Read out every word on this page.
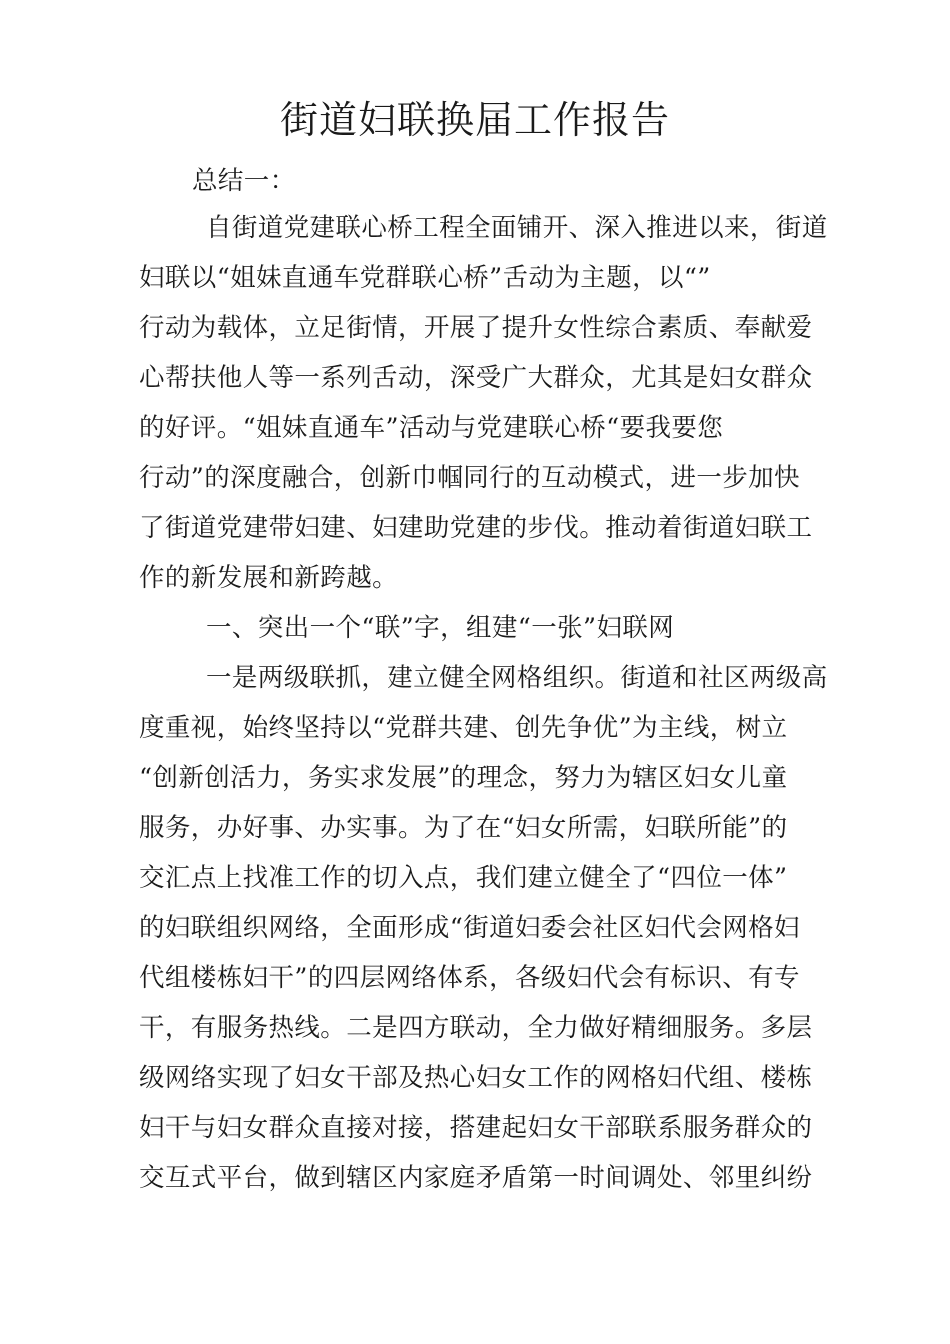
街道妇联换届工作报告
总结一：
自街道党建联心桥工程全面铺开、深入推进以来，街道
妇联以“姐妹直通车党群联心桥”舌动为主题，以“”
行动为载体，立足街情，开展了提升女性综合素质、奉献爱
心帮扶他人等一系列舌动，深受广大群众，尤其是妇女群众
的好评。“姐妹直通车”活动与党建联心桥“要我要您
行动”的深度融合，创新巾帼同行的互动模式，进一步加快
了街道党建带妇建、妇建助党建的步伐。推动着街道妇联工
作的新发展和新跨越。
一、突出一个“联”字，组建“一张”妇联网
一是两级联抓，建立健全网格组织。街道和社区两级高
度重视，始终坚持以“党群共建、创先争优”为主线，树立
“创新创活力，务实求发展”的理念，努力为辖区妇女儿童
服务，办好事、办实事。为了在“妇女所需，妇联所能”的
交汇点上找准工作的切入点，我们建立健全了“四位一体”
的妇联组织网络，全面形成“街道妇委会社区妇代会网格妇
代组楼栋妇干”的四层网络体系，各级妇代会有标识、有专
干，有服务热线。二是四方联动，全力做好精细服务。多层
级网络实现了妇女干部及热心妇女工作的网格妇代组、楼栋
妇干与妇女群众直接对接，搭建起妇女干部联系服务群众的
交互式平台，做到辖区内家庭矛盾第一时间调处、邻里纠纷
